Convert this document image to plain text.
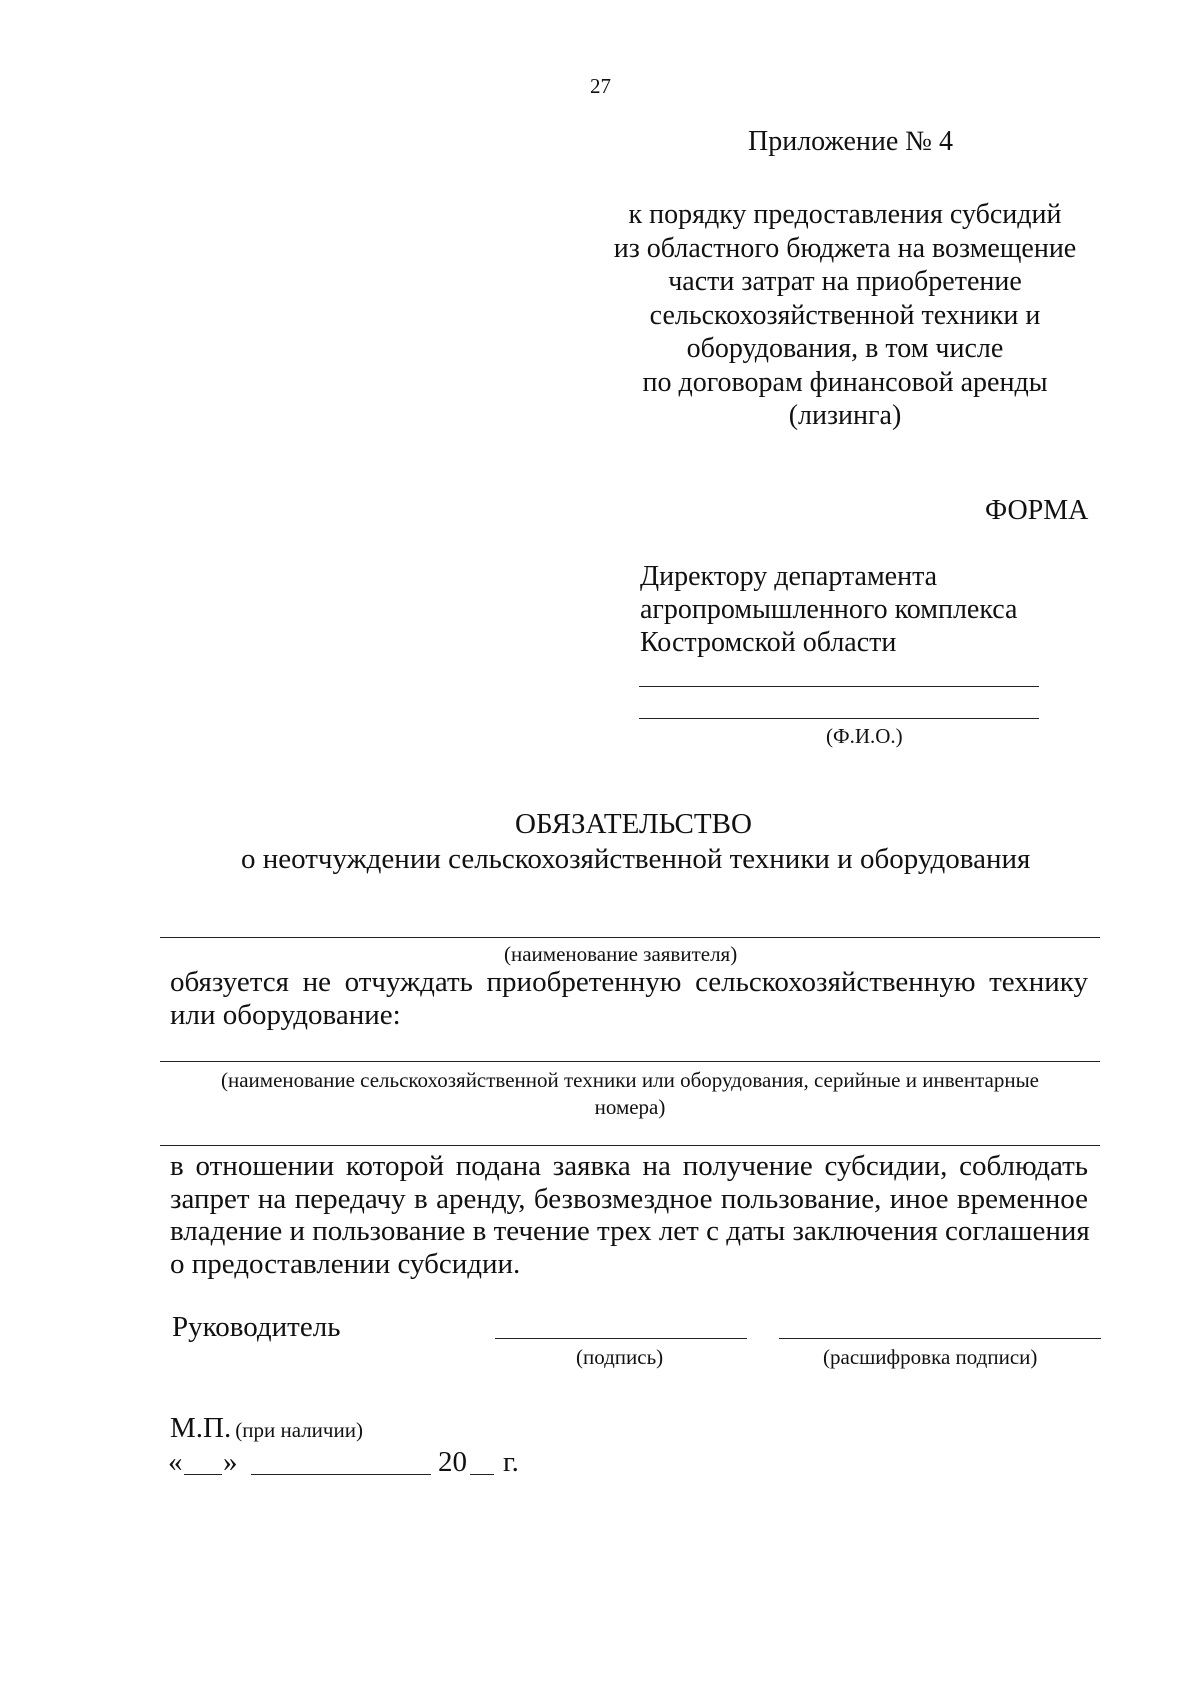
27
Приложение № 4
к порядку предоставления субсидий
из областного бюджета на возмещение
части затрат на приобретение
сельскохозяйственной техники и
оборудования, в том числе
по договорам финансовой аренды
(лизинга)
ФОРМА
Директору департамента
агропромышленного комплекса
Костромской области
(Ф.И.О.)
ОБЯЗАТЕЛЬСТВО
о неотчуждении сельскохозяйственной техники и оборудования
(наименование заявителя)
обязуется не отчуждать приобретенную сельскохозяйственную технику
или оборудование:
(наименование сельскохозяйственной техники или оборудования, серийные и инвентарные
номера)
в отношении которой подана заявка на получение субсидии, соблюдать
запрет на передачу в аренду, безвозмездное пользование, иное временное
владение и пользование в течение трех лет с даты заключения соглашения
о предоставлении субсидии.
Руководитель
(подпись)	(расшифровка подписи)
М.П. (при наличии)
« »	20 г.
